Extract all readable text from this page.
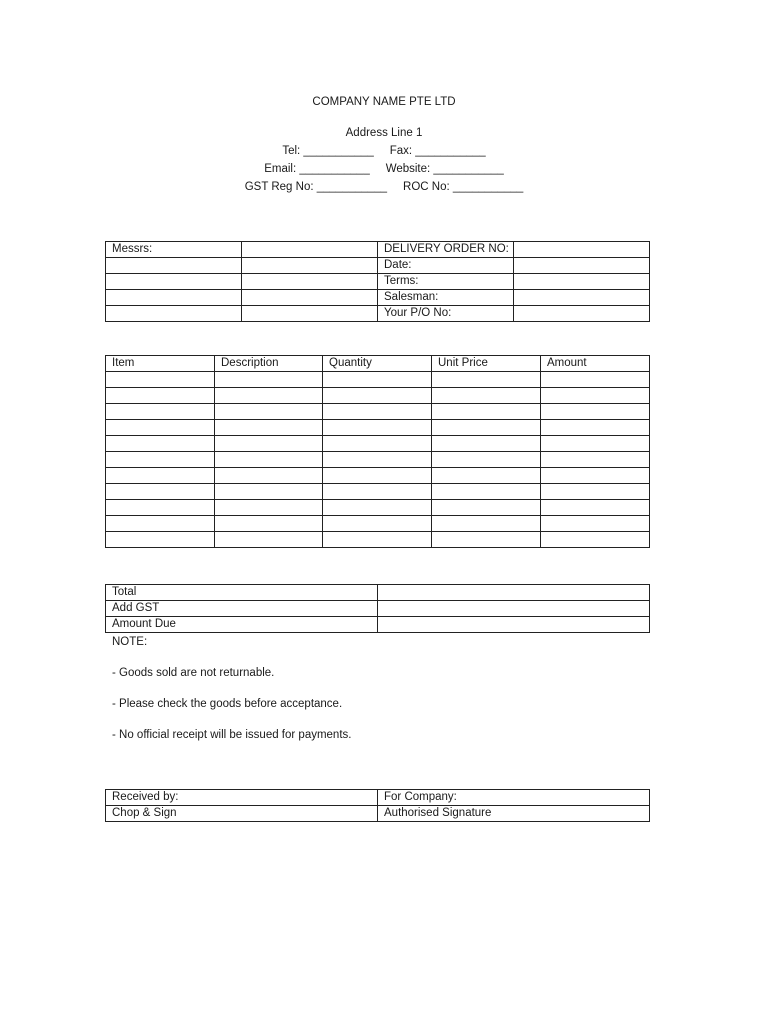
COMPANY NAME PTE LTD
Address Line 1
Tel: ___________     Fax: ___________
Email: ___________     Website: ___________
GST Reg No: ___________     ROC No: ___________
Messrs:		DELIVERY ORDER NO:	
		Date:	
		Terms:	
		Salesman:	
		Your P/O No:	
Item	Description	Quantity	Unit Price	Amount

Total	
Add GST	
Amount Due	
NOTE:
- Goods sold are not returnable.
- Please check the goods before acceptance.
- No official receipt will be issued for payments.
Received by:	For Company:
Chop & Sign	Authorised Signature
